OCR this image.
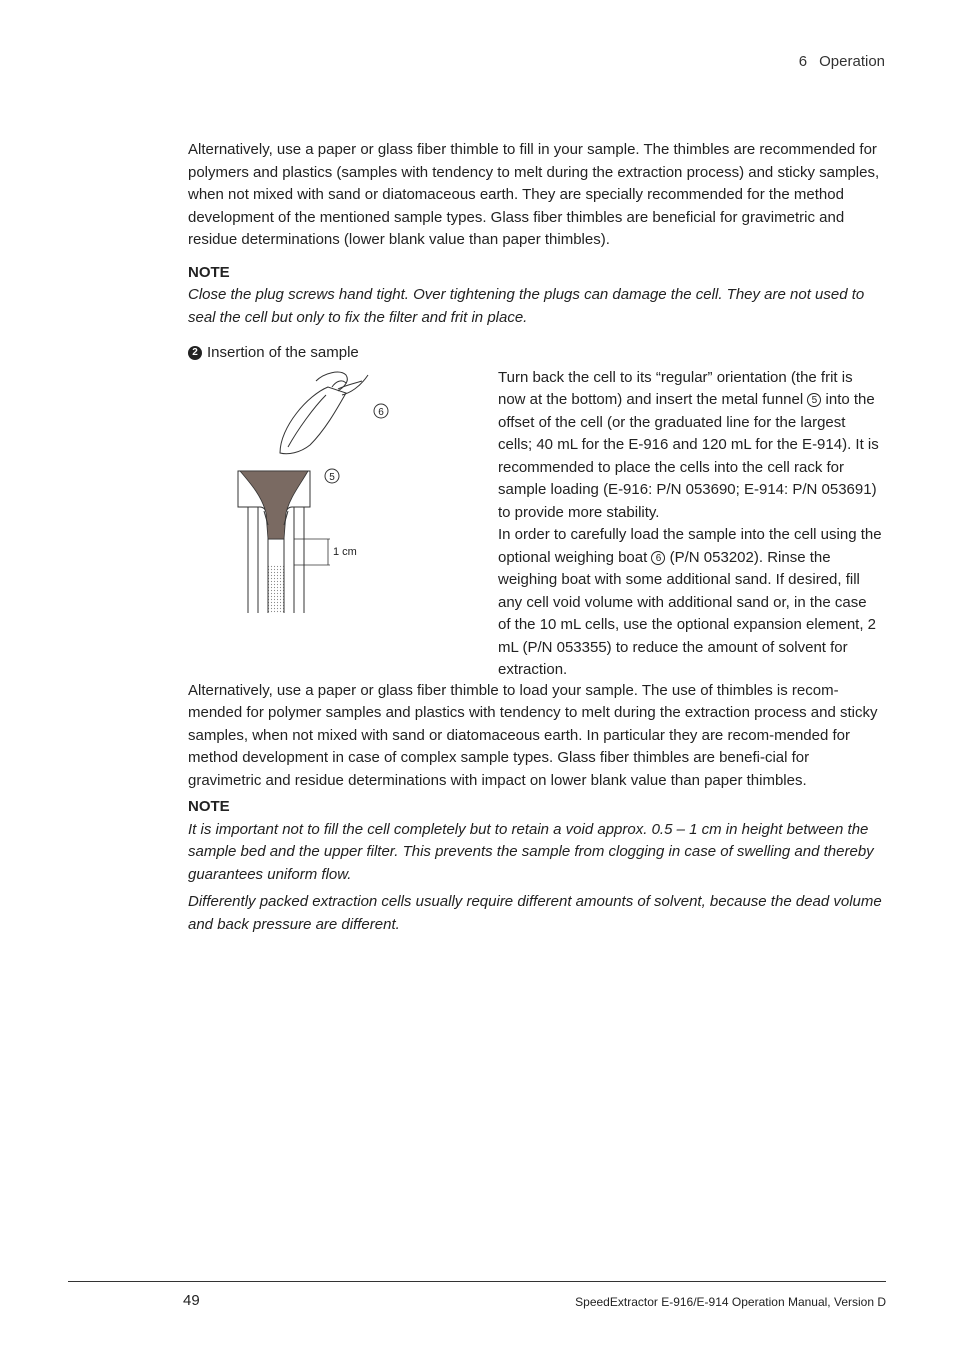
6 Operation

Alternatively, use a paper or glass fiber thimble to fill in your sample. The thimbles are recommended for polymers and plastics (samples with tendency to melt during the extraction process) and sticky samples, when not mixed with sand or diatomaceous earth. They are specially recommended for the method development of the mentioned sample types. Glass fiber thimbles are beneficial for gravimetric and residue determinations (lower blank value than paper thimbles).

NOTE

Close the plug screws hand tight. Over tightening the plugs can damage the cell. They are not used to seal the cell but only to fix the filter and frit in place.

2 Insertion of the sample

1 cm
6
5
Turn back the cell to its “regular” orientation (the frit is now at the bottom) and insert the metal funnel 5 into the offset of the cell (or the graduated line for the largest cells; 40 mL for the E-916 and 120 mL for the E-914). It is recommended to place the cells into the cell rack for sample loading (E-916: P/N 053690; E-914: P/N 053691) to provide more stability.
In order to carefully load the sample into the cell using the optional weighing boat 6 (P/N 053202). Rinse the weighing boat with some additional sand. If desired, fill any cell void volume with additional sand or, in the case of the 10 mL cells, use the optional expansion element, 2 mL (P/N 053355) to reduce the amount of solvent for extraction.

Alternatively, use a paper or glass fiber thimble to load your sample. The use of thimbles is recom-mended for polymer samples and plastics with tendency to melt during the extraction process and sticky samples, when not mixed with sand or diatomaceous earth. In particular they are recom-mended for method development in case of complex sample types. Glass fiber thimbles are benefi-cial for gravimetric and residue determinations with impact on lower blank value than paper thimbles.

NOTE

It is important not to fill the cell completely but to retain a void approx. 0.5 – 1 cm in height between the sample bed and the upper filter. This prevents the sample from clogging in case of swelling and thereby guarantees uniform flow.

Differently packed extraction cells usually require different amounts of solvent, because the dead volume and back pressure are different.

49	SpeedExtractor E-916/E-914 Operation Manual, Version D
